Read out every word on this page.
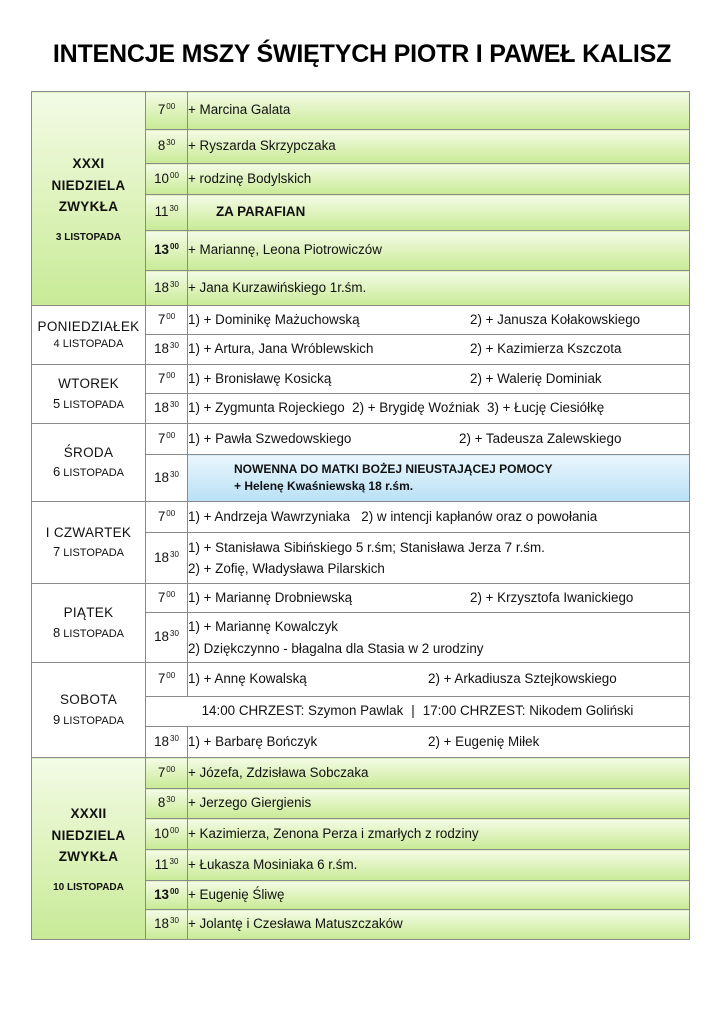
INTENCJE MSZY ŚWIĘTYCH PIOTR I PAWEŁ KALISZ
XXXI
NIEDZIELA
ZWYKŁA
3 LISTOPADA	$7^{00}$	+ Marcina Galata
	$8^{30}$	+ Ryszarda Skrzypczaka
	$10^{00}$	+ rodzinę Bodylskich
	$11^{30}$	ZA PARAFIAN
	$13^{00}$	+ Mariannę, Leona Piotrowiczów
	$18^{30}$	+ Jana Kurzawińskiego 1r.śm.

PONIEDZIAŁEK
4 LISTOPADA	$7^{00}$	1) + Dominikę Mażuchowską 2) + Janusza Kołakowskiego
	$18^{30}$	1) + Artura, Jana Wróblewskich 2) + Kazimierza Kszczota

WTOREK
5 LISTOPADA	$7^{00}$	1) + Bronisławę Kosicką 2) + Walerię Dominiak
	$18^{30}$	1) + Zygmunta Rojeckiego 2) + Brygidę Woźniak 3) + Łucję Ciesiółkę

ŚRODA
6 LISTOPADA	$7^{00}$	1) + Pawła Szwedowskiego 2) + Tadeusza Zalewskiego
	$18^{30}$	NOWENNA DO MATKI BOŻEJ NIEUSTAJĄCEJ POMOCY
+ Helenę Kwaśniewską 18 r.śm.

I CZWARTEK
7 LISTOPADA	$7^{00}$	1) + Andrzeja Wawrzyniaka 2) w intencji kapłanów oraz o powołania
	$18^{30}$	1) + Stanisława Sibińskiego 5 r.śm; Stanisława Jerza 7 r.śm.
2) + Zofię, Władysława Pilarskich

PIĄTEK
8 LISTOPADA	$7^{00}$	1) + Mariannę Drobniewską 2) + Krzysztofa Iwanickiego
	$18^{30}$	1) + Mariannę Kowalczyk
2) Dziękczynno - błagalna dla Stasia w 2 urodziny

SOBOTA
9 LISTOPADA	$7^{00}$	1) + Annę Kowalską 2) + Arkadiusza Sztejkowskiego
	14:00 CHRZEST: Szymon Pawlak | 17:00 CHRZEST: Nikodem Goliński	
	$18^{30}$	1) + Barbarę Bończyk 2) + Eugenię Miłek

XXXII
NIEDZIELA
ZWYKŁA
10 LISTOPADA	$7^{00}$	+ Józefa, Zdzisława Sobczaka
	$8^{30}$	+ Jerzego Giergienis
	$10^{00}$	+ Kazimierza, Zenona Perza i zmarłych z rodziny
	$11^{30}$	+ Łukasza Mosiniaka 6 r.śm.
	$13^{00}$	+ Eugenię Śliwę
	$18^{30}$	+ Jolantę i Czesława Matuszczaków
